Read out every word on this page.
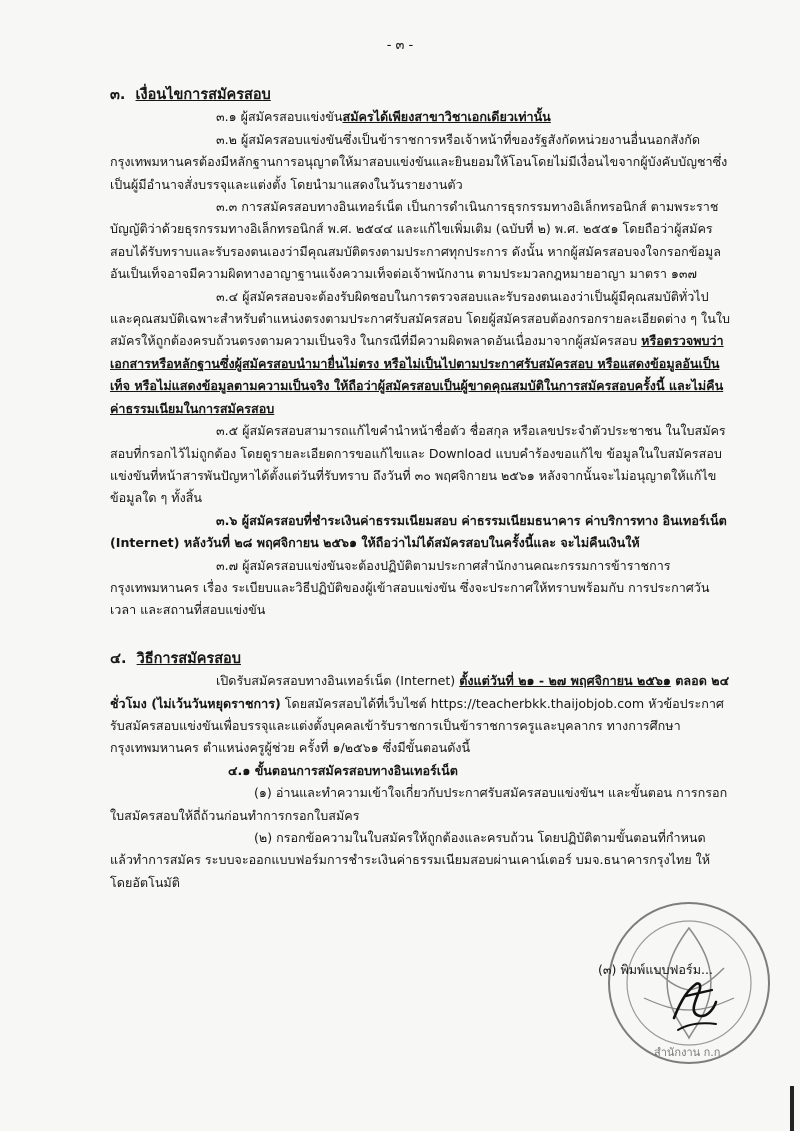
- ๓ -

๓. เงื่อนไขการสมัครสอบ

๓.๑ ผู้สมัครสอบแข่งขันสมัครได้เพียงสาขาวิชาเอกเดียวเท่านั้น

๓.๒ ผู้สมัครสอบแข่งขันซึ่งเป็นข้าราชการหรือเจ้าหน้าที่ของรัฐสังกัดหน่วยงานอื่นนอกสังกัดกรุงเทพมหานครต้องมีหลักฐานการอนุญาตให้มาสอบแข่งขันและยินยอมให้โอนโดยไม่มีเงื่อนไขจากผู้บังคับบัญชาซึ่งเป็นผู้มีอำนาจสั่งบรรจุและแต่งตั้ง โดยนำมาแสดงในวันรายงานตัว

๓.๓ การสมัครสอบทางอินเทอร์เน็ต เป็นการดำเนินการธุรกรรมทางอิเล็กทรอนิกส์ ตามพระราชบัญญัติว่าด้วยธุรกรรมทางอิเล็กทรอนิกส์ พ.ศ. ๒๕๔๔ และแก้ไขเพิ่มเติม (ฉบับที่ ๒) พ.ศ. ๒๕๕๑ โดยถือว่าผู้สมัครสอบได้รับทราบและรับรองตนเองว่ามีคุณสมบัติตรงตามประกาศทุกประการ ดังนั้น หากผู้สมัครสอบจงใจกรอกข้อมูลอันเป็นเท็จอาจมีความผิดทางอาญาฐานแจ้งความเท็จต่อเจ้าพนักงาน ตามประมวลกฎหมายอาญา มาตรา ๑๓๗

๓.๔ ผู้สมัครสอบจะต้องรับผิดชอบในการตรวจสอบและรับรองตนเองว่าเป็นผู้มีคุณสมบัติทั่วไปและคุณสมบัติเฉพาะสำหรับตำแหน่งตรงตามประกาศรับสมัครสอบ โดยผู้สมัครสอบต้องกรอกรายละเอียดต่าง ๆ ในใบสมัครให้ถูกต้องครบถ้วนตรงตามความเป็นจริง ในกรณีที่มีความผิดพลาดอันเนื่องมาจากผู้สมัครสอบ หรือตรวจพบว่าเอกสารหรือหลักฐานซึ่งผู้สมัครสอบนำมายื่นไม่ตรง หรือไม่เป็นไปตามประกาศรับสมัครสอบ หรือแสดงข้อมูลอันเป็นเท็จ หรือไม่แสดงข้อมูลตามความเป็นจริง ให้ถือว่าผู้สมัครสอบเป็นผู้ขาดคุณสมบัติในการสมัครสอบครั้งนี้ และไม่คืนค่าธรรมเนียมในการสมัครสอบ

๓.๕ ผู้สมัครสอบสามารถแก้ไขคำนำหน้าชื่อตัว ชื่อสกุล หรือเลขประจำตัวประชาชน ในใบสมัครสอบที่กรอกไว้ไม่ถูกต้อง โดยดูรายละเอียดการขอแก้ไขและ Download แบบคำร้องขอแก้ไข ข้อมูลในใบสมัครสอบแข่งขันที่หน้าสารพันปัญหาได้ตั้งแต่วันที่รับทราบ ถึงวันที่ ๓๐ พฤศจิกายน ๒๕๖๑ หลังจากนั้นจะไม่อนุญาตให้แก้ไขข้อมูลใด ๆ ทั้งสิ้น

๓.๖ ผู้สมัครสอบที่ชำระเงินค่าธรรมเนียมสอบ ค่าธรรมเนียมธนาคาร ค่าบริการทาง อินเทอร์เน็ต (Internet) หลังวันที่ ๒๘ พฤศจิกายน ๒๕๖๑ ให้ถือว่าไม่ได้สมัครสอบในครั้งนี้และ จะไม่คืนเงินให้

๓.๗ ผู้สมัครสอบแข่งขันจะต้องปฏิบัติตามประกาศสำนักงานคณะกรรมการข้าราชการ กรุงเทพมหานคร เรื่อง ระเบียบและวิธีปฏิบัติของผู้เข้าสอบแข่งขัน ซึ่งจะประกาศให้ทราบพร้อมกับ การประกาศวัน เวลา และสถานที่สอบแข่งขัน

๔. วิธีการสมัครสอบ

เปิดรับสมัครสอบทางอินเทอร์เน็ต (Internet) ตั้งแต่วันที่ ๒๑ - ๒๗ พฤศจิกายน ๒๕๖๑ ตลอด ๒๔ ชั่วโมง (ไม่เว้นวันหยุดราชการ) โดยสมัครสอบได้ที่เว็บไซต์ https://teacherbkk.thaijobjob.com หัวข้อประกาศรับสมัครสอบแข่งขันเพื่อบรรจุและแต่งตั้งบุคคลเข้ารับราชการเป็นข้าราชการครูและบุคลากร ทางการศึกษากรุงเทพมหานคร ตำแหน่งครูผู้ช่วย ครั้งที่ ๑/๒๕๖๑ ซึ่งมีขั้นตอนดังนี้

๔.๑ ขั้นตอนการสมัครสอบทางอินเทอร์เน็ต

(๑) อ่านและทำความเข้าใจเกี่ยวกับประกาศรับสมัครสอบแข่งขันฯ และขั้นตอน การกรอกใบสมัครสอบให้ถี่ถ้วนก่อนทำการกรอกใบสมัคร

(๒) กรอกข้อความในใบสมัครให้ถูกต้องและครบถ้วน โดยปฏิบัติตามขั้นตอนที่กำหนด แล้วทำการสมัคร ระบบจะออกแบบฟอร์มการชำระเงินค่าธรรมเนียมสอบผ่านเคาน์เตอร์ บมจ.ธนาคารกรุงไทย ให้โดยอัตโนมัติ

สำนักงาน ก.ก.
(๓) พิมพ์แบบฟอร์ม...
